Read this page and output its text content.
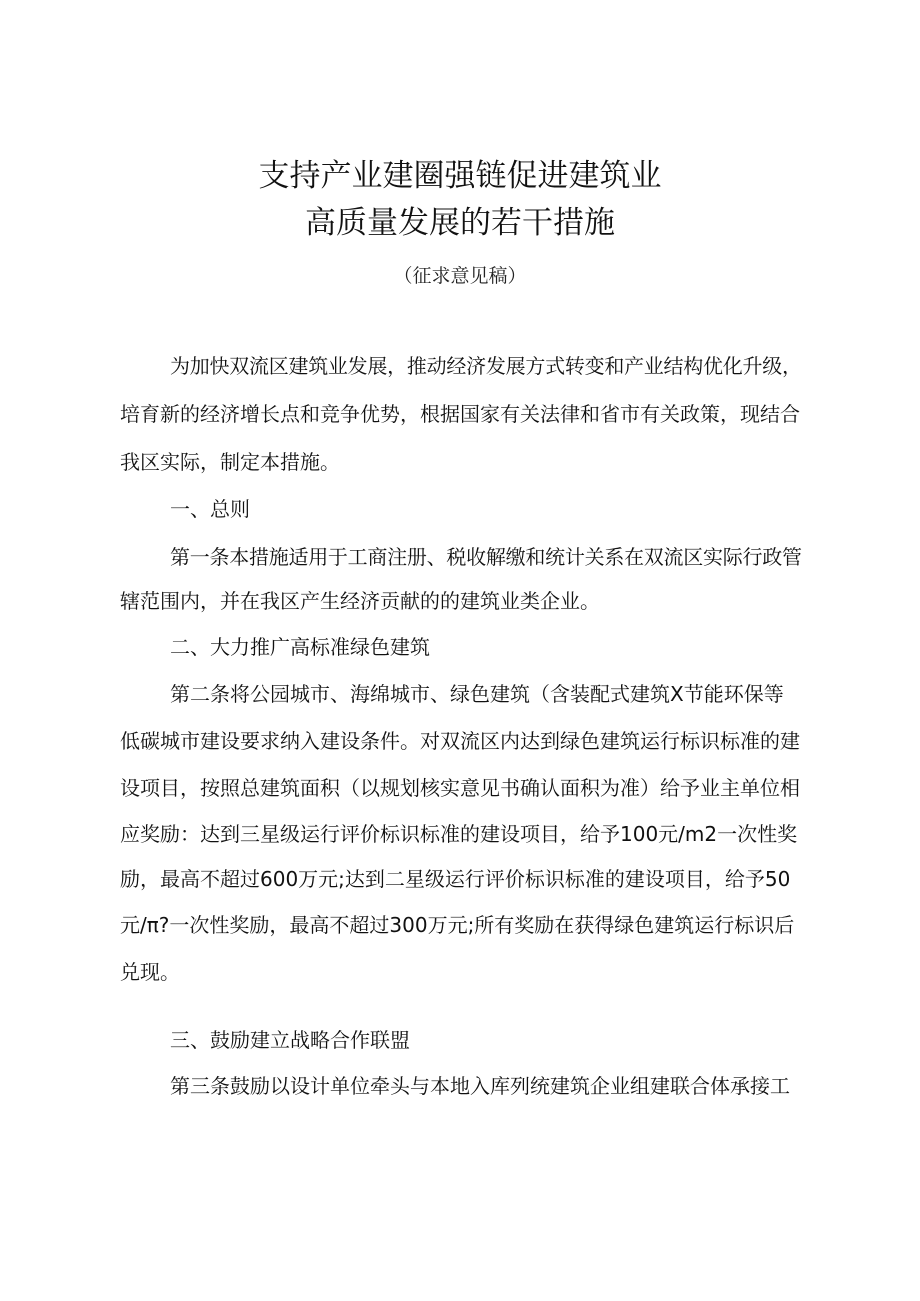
支持产业建圈强链促进建筑业
高质量发展的若干措施
（征求意见稿）
为加快双流区建筑业发展，推动经济发展方式转变和产业结构优化升级，
培育新的经济增长点和竞争优势，根据国家有关法律和省市有关政策，现结合
我区实际，制定本措施。
一、总则
第一条本措施适用于工商注册、税收解缴和统计关系在双流区实际行政管
辖范围内，并在我区产生经济贡献的的建筑业类企业。
二、大力推广高标准绿色建筑
第二条将公园城市、海绵城市、绿色建筑（含装配式建筑X节能环保等
低碳城市建设要求纳入建设条件。对双流区内达到绿色建筑运行标识标准的建
设项目，按照总建筑面积（以规划核实意见书确认面积为准）给予业主单位相
应奖励：达到三星级运行评价标识标准的建设项目，给予100元/m2一次性奖
励，最高不超过600万元;达到二星级运行评价标识标准的建设项目，给予50
元/π?一次性奖励，最高不超过300万元;所有奖励在获得绿色建筑运行标识后
兑现。
三、鼓励建立战略合作联盟
第三条鼓励以设计单位牵头与本地入库列统建筑企业组建联合体承接工
